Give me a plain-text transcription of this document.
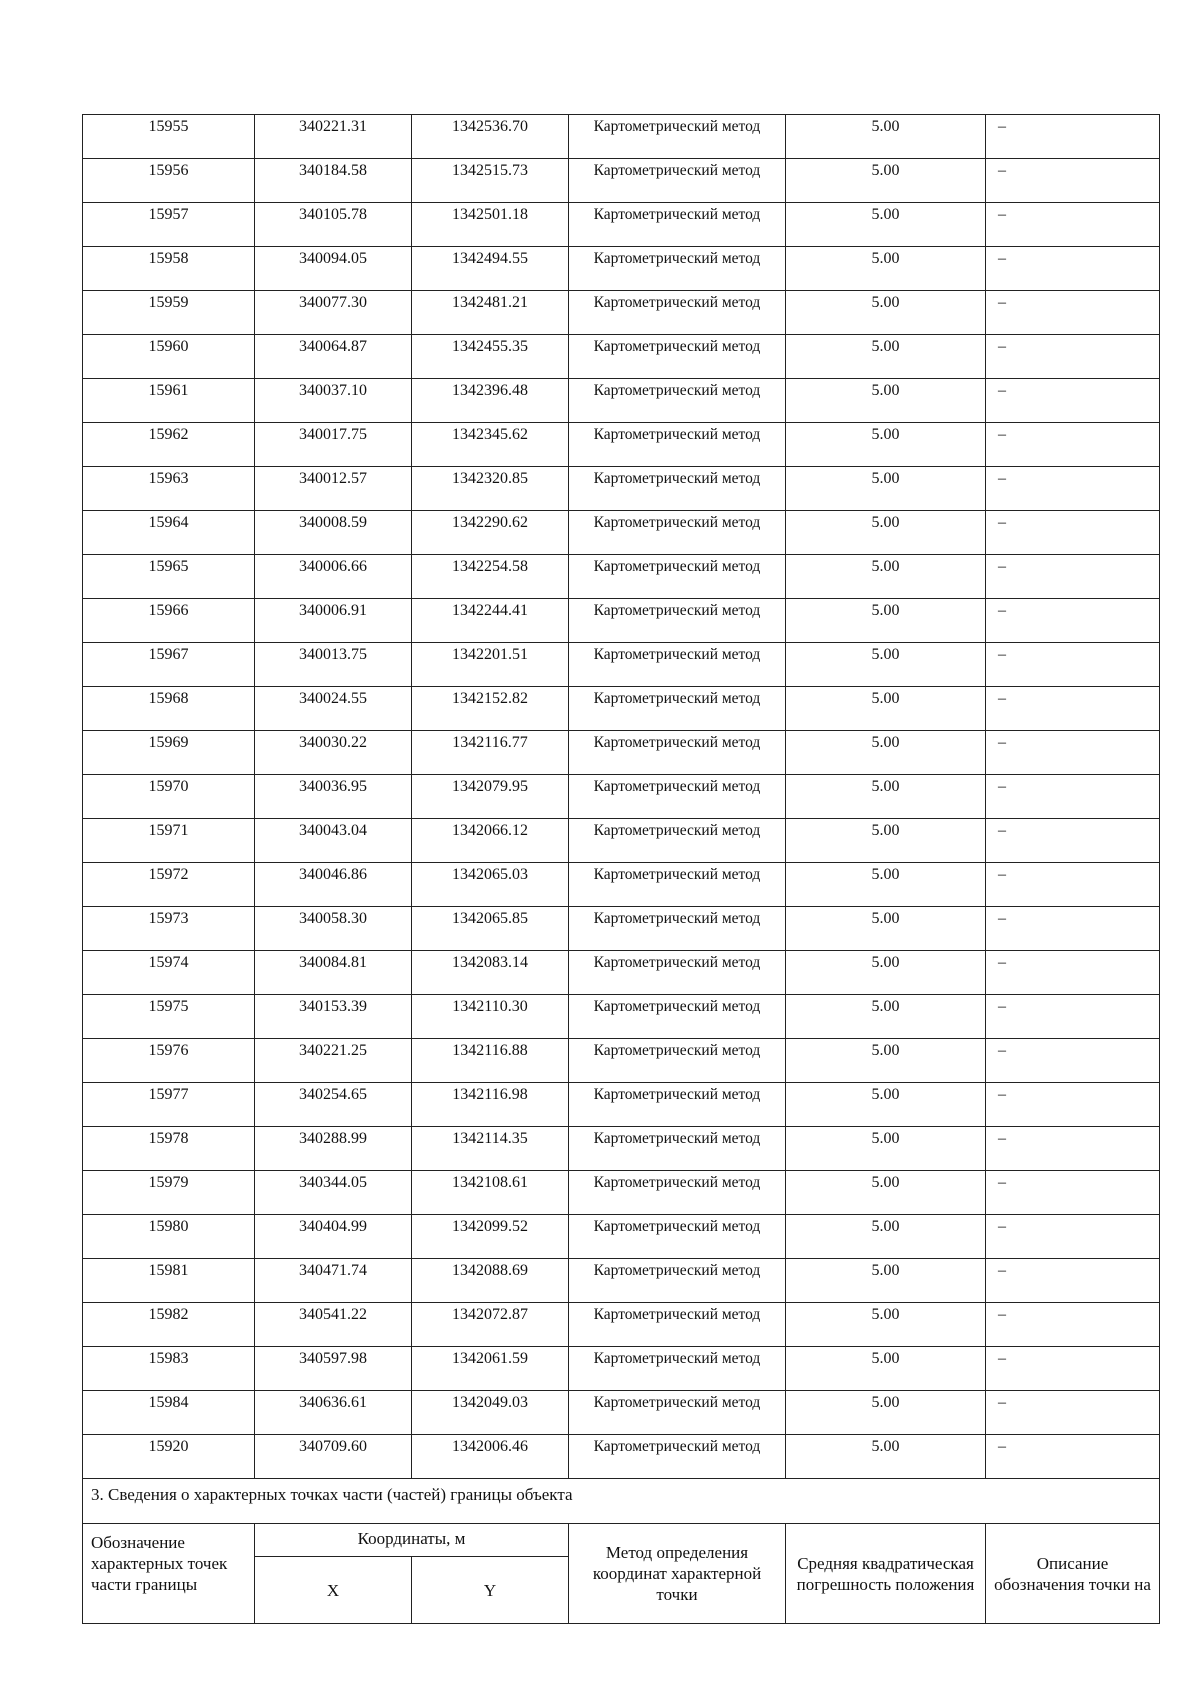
15955	340221.31	1342536.70	Картометрический метод	5.00	–
15956	340184.58	1342515.73	Картометрический метод	5.00	–
15957	340105.78	1342501.18	Картометрический метод	5.00	–
15958	340094.05	1342494.55	Картометрический метод	5.00	–
15959	340077.30	1342481.21	Картометрический метод	5.00	–
15960	340064.87	1342455.35	Картометрический метод	5.00	–
15961	340037.10	1342396.48	Картометрический метод	5.00	–
15962	340017.75	1342345.62	Картометрический метод	5.00	–
15963	340012.57	1342320.85	Картометрический метод	5.00	–
15964	340008.59	1342290.62	Картометрический метод	5.00	–
15965	340006.66	1342254.58	Картометрический метод	5.00	–
15966	340006.91	1342244.41	Картометрический метод	5.00	–
15967	340013.75	1342201.51	Картометрический метод	5.00	–
15968	340024.55	1342152.82	Картометрический метод	5.00	–
15969	340030.22	1342116.77	Картометрический метод	5.00	–
15970	340036.95	1342079.95	Картометрический метод	5.00	–
15971	340043.04	1342066.12	Картометрический метод	5.00	–
15972	340046.86	1342065.03	Картометрический метод	5.00	–
15973	340058.30	1342065.85	Картометрический метод	5.00	–
15974	340084.81	1342083.14	Картометрический метод	5.00	–
15975	340153.39	1342110.30	Картометрический метод	5.00	–
15976	340221.25	1342116.88	Картометрический метод	5.00	–
15977	340254.65	1342116.98	Картометрический метод	5.00	–
15978	340288.99	1342114.35	Картометрический метод	5.00	–
15979	340344.05	1342108.61	Картометрический метод	5.00	–
15980	340404.99	1342099.52	Картометрический метод	5.00	–
15981	340471.74	1342088.69	Картометрический метод	5.00	–
15982	340541.22	1342072.87	Картометрический метод	5.00	–
15983	340597.98	1342061.59	Картометрический метод	5.00	–
15984	340636.61	1342049.03	Картометрический метод	5.00	–
15920	340709.60	1342006.46	Картометрический метод	5.00	–
3. Сведения о характерных точках части (частей) границы объекта					
Обозначение характерных точек части границы	Координаты, м		Метод определения координат характерной точки	Средняя квадратическая погрешность положения	Описание обозначения точки на
	X	Y			
